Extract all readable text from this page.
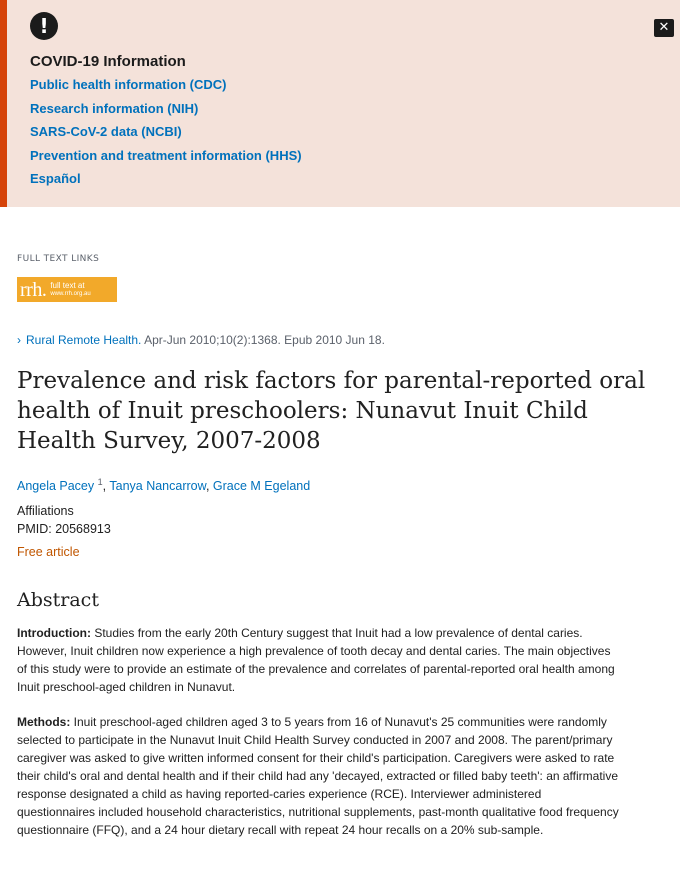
!	✕
COVID-19 Information
Public health information (CDC)
Research information (NIH)
SARS-CoV-2 data (NCBI)
Prevention and treatment information (HHS)
Español
FULL TEXT LINKS
rrh. full text at
www.rrh.org.au
› Rural Remote Health. Apr-Jun 2010;10(2):1368. Epub 2010 Jun 18.
Prevalence and risk factors for parental-reported oral health of Inuit preschoolers: Nunavut Inuit Child Health Survey, 2007-2008
Angela Pacey $^1$, Tanya Nancarrow, Grace M Egeland
Affiliations
PMID: 20568913
Free article
Abstract

Introduction: Studies from the early 20th Century suggest that Inuit had a low prevalence of dental caries. However, Inuit children now experience a high prevalence of tooth decay and dental caries. The main objectives of this study were to provide an estimate of the prevalence and correlates of parental-reported oral health among Inuit preschool-aged children in Nunavut.

Methods: Inuit preschool-aged children aged 3 to 5 years from 16 of Nunavut's 25 communities were randomly selected to participate in the Nunavut Inuit Child Health Survey conducted in 2007 and 2008. The parent/primary caregiver was asked to give written informed consent for their child's participation. Caregivers were asked to rate their child's oral and dental health and if their child had any 'decayed, extracted or filled baby teeth': an affirmative response designated a child as having reported-caries experience (RCE). Interviewer administered questionnaires included household characteristics, nutritional supplements, past-month qualitative food frequency questionnaire (FFQ), and a 24 hour dietary recall with repeat 24 hour recalls on a 20% sub-sample.
